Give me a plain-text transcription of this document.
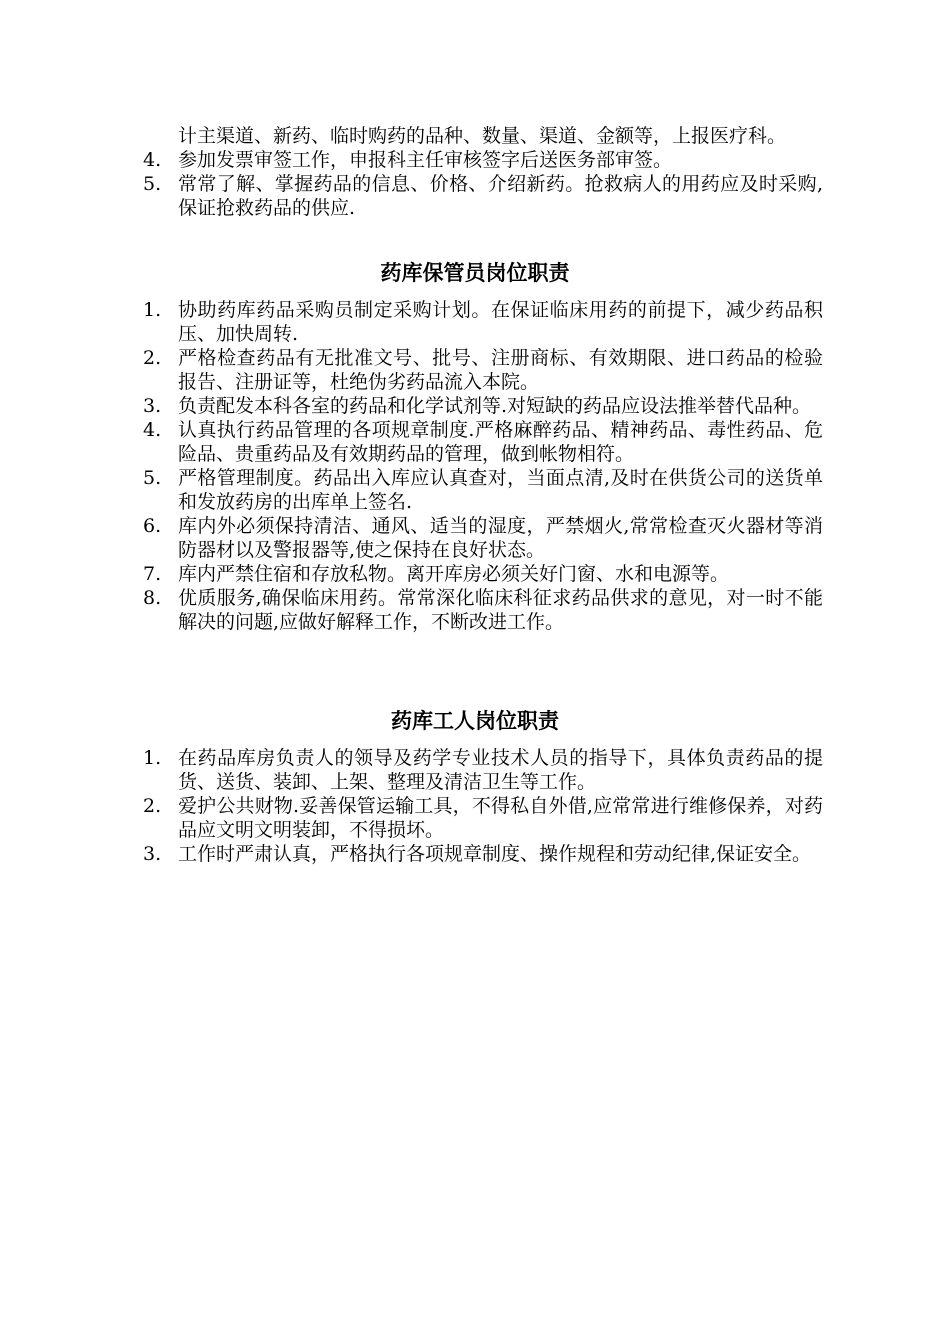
计主渠道、新药、临时购药的品种、数量、渠道、金额等，上报医疗科。
4. 参加发票审签工作，申报科主任审核签字后送医务部审签。
5. 常常了解、掌握药品的信息、价格、介绍新药。抢救病人的用药应及时采购,保证抢救药品的供应.
药库保管员岗位职责
1. 协助药库药品采购员制定采购计划。在保证临床用药的前提下，减少药品积压、加快周转.
2. 严格检查药品有无批准文号、批号、注册商标、有效期限、进口药品的检验报告、注册证等，杜绝伪劣药品流入本院。
3. 负责配发本科各室的药品和化学试剂等.对短缺的药品应设法推举替代品种。
4. 认真执行药品管理的各项规章制度.严格麻醉药品、精神药品、毒性药品、危险品、贵重药品及有效期药品的管理，做到帐物相符。
5. 严格管理制度。药品出入库应认真查对，当面点清,及时在供货公司的送货单和发放药房的出库单上签名.
6. 库内外必须保持清洁、通风、适当的湿度，严禁烟火,常常检查灭火器材等消防器材以及警报器等,使之保持在良好状态。
7. 库内严禁住宿和存放私物。离开库房必须关好门窗、水和电源等。
8. 优质服务,确保临床用药。常常深化临床科征求药品供求的意见，对一时不能解决的问题,应做好解释工作，不断改进工作。
药库工人岗位职责
1. 在药品库房负责人的领导及药学专业技术人员的指导下，具体负责药品的提货、送货、装卸、上架、整理及清洁卫生等工作。
2. 爱护公共财物.妥善保管运输工具，不得私自外借,应常常进行维修保养，对药品应文明文明装卸，不得损坏。
3. 工作时严肃认真，严格执行各项规章制度、操作规程和劳动纪律,保证安全。
